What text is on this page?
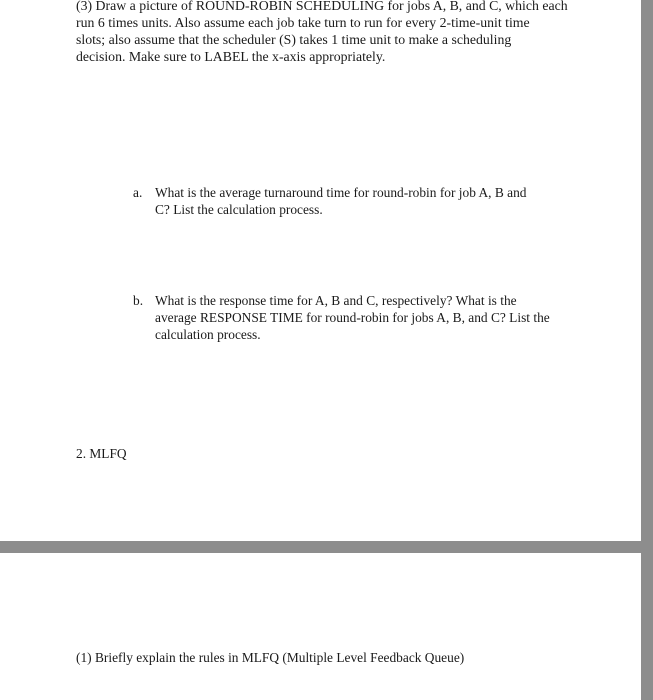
(3) Draw a picture of ROUND-ROBIN SCHEDULING for jobs A, B, and C, which each
run 6 times units. Also assume each job take turn to run for every 2-time-unit time
slots; also assume that the scheduler (S) takes 1 time unit to make a scheduling
decision. Make sure to LABEL the x-axis appropriately.
a. What is the average turnaround time for round-robin for job A, B and
C? List the calculation process.
b. What is the response time for A, B and C, respectively? What is the
average RESPONSE TIME for round-robin for jobs A, B, and C? List the
calculation process.
2. MLFQ
(1) Briefly explain the rules in MLFQ (Multiple Level Feedback Queue)
